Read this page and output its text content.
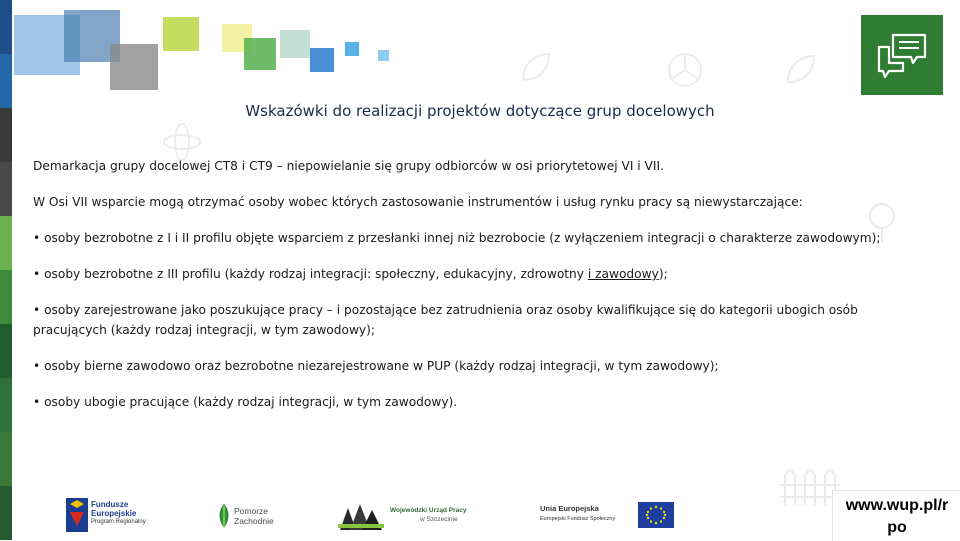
Wskazówki do realizacji projektów dotyczące grup docelowych

Demarkacja grupy docelowej CT8 i CT9 – niepowielanie się grupy odbiorców w osi priorytetowej VI i VII.

W Osi VII wsparcie mogą otrzymać osoby wobec których zastosowanie instrumentów i usług rynku pracy są niewystarczające:

• osoby bezrobotne z I i II profilu objęte wsparciem z przesłanki innej niż bezrobocie (z wyłączeniem integracji o charakterze zawodowym);

• osoby bezrobotne z III profilu (każdy rodzaj integracji: społeczny, edukacyjny, zdrowotny i zawodowy);

• osoby zarejestrowane jako poszukujące pracy – i pozostające bez zatrudnienia oraz osoby kwalifikujące się do kategorii ubogich osób pracujących (każdy rodzaj integracji, w tym zawodowy);

• osoby bierne zawodowo oraz bezrobotne niezarejestrowane w PUP (każdy rodzaj integracji, w tym zawodowy);

• osoby ubogie pracujące (każdy rodzaj integracji, w tym zawodowy).

Fundusze
Europejskie
Program Regionalny
Pomorze
Zachodnie
Wojewódzki Urząd Pracy
w Szczecinie
Unia Europejska
Europejski Fundusz Społeczny
www.wup.pl/r
po
